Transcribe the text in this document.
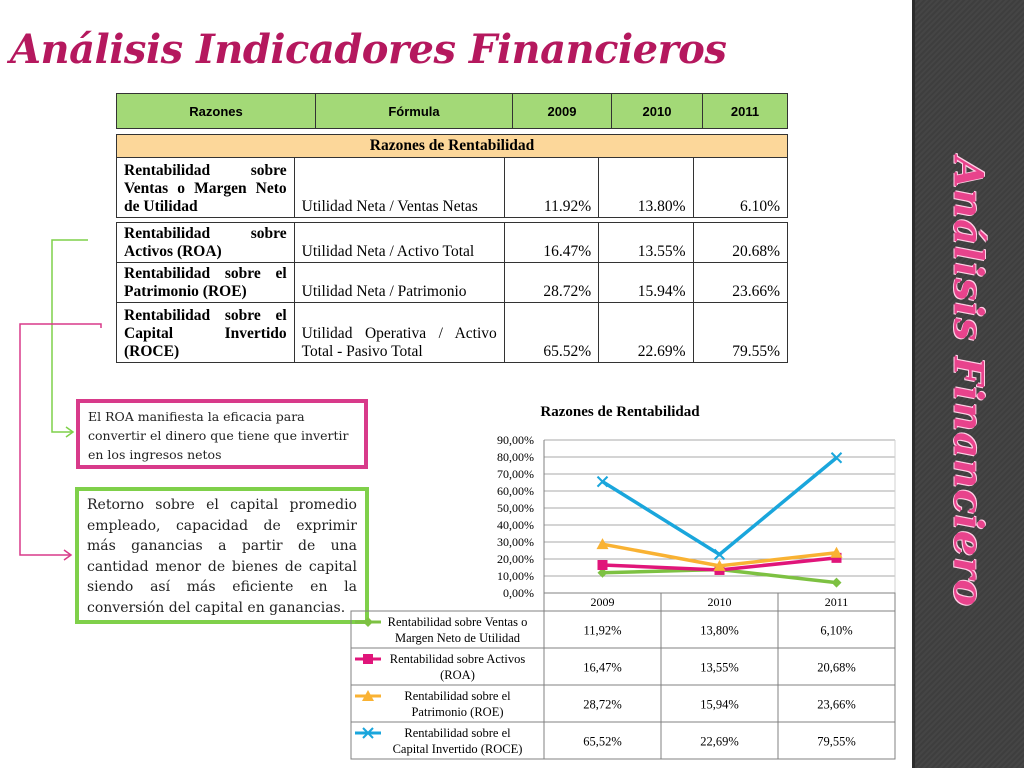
Análisis Financiero
Análisis Indicadores Financieros
Razones	Fórmula	2009	2010	2011
Razones de Rentabilidad				
Rentabilidad sobre Ventas o Margen Neto de Utilidad	Utilidad Neta / Ventas Netas	11.92%	13.80%	6.10%

Rentabilidad sobre Activos (ROA)	Utilidad Neta / Activo Total	16.47%	13.55%	20.68%
Rentabilidad sobre el Patrimonio (ROE)	Utilidad Neta / Patrimonio	28.72%	15.94%	23.66%
Rentabilidad sobre el Capital Invertido (ROCE)	Utilidad Operativa / Activo Total - Pasivo Total	65.52%	22.69%	79.55%
El ROA manifiesta la eficacia para convertir el dinero que tiene que invertir en los ingresos netos
Retorno sobre el capital promedio empleado, capacidad de exprimir más ganancias a partir de una cantidad menor de bienes de capital siendo así más eficiente en la conversión del capital en ganancias.
Razones de Rentabilidad
0,00%
10,00%
20,00%
30,00%
40,00%
50,00%
60,00%
70,00%
80,00%
90,00%
2009	2010	2011
Rentabilidad sobre Ventas o Margen Neto de Utilidad
11,92%	13,80%	6,10%
Rentabilidad sobre Activos (ROA)
16,47%	13,55%	20,68%
Rentabilidad sobre el Patrimonio (ROE)
28,72%	15,94%	23,66%
Rentabilidad sobre el Capital Invertido (ROCE)
65,52%	22,69%	79,55%
